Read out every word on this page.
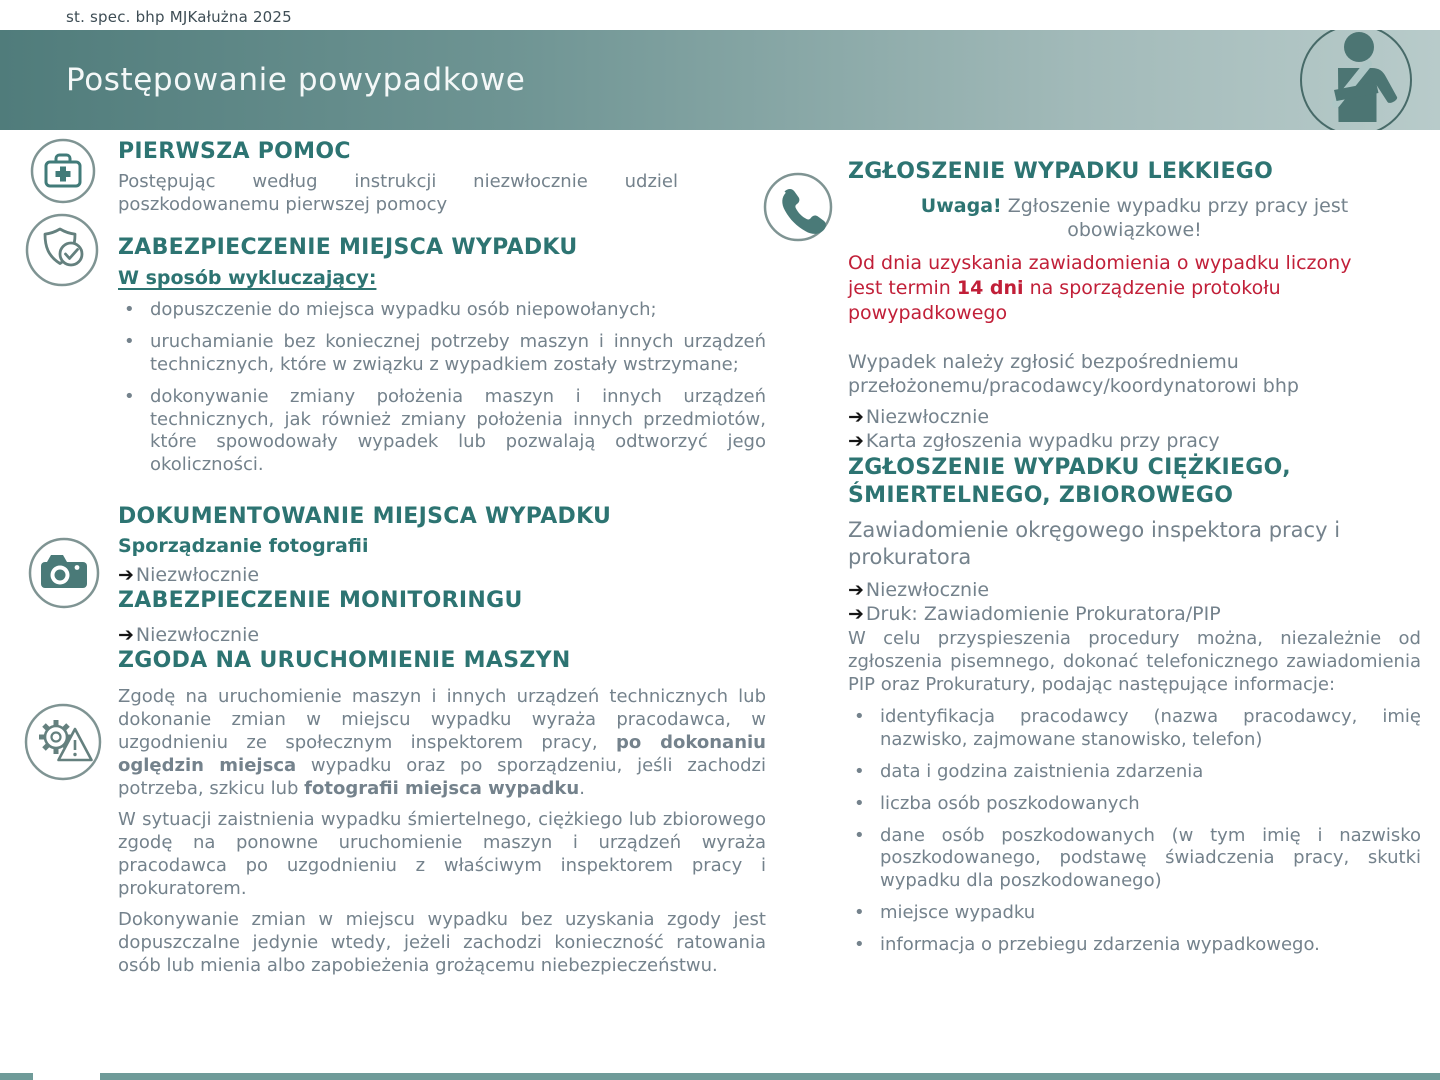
st. spec. bhp MJKałużna 2025
Postępowanie powypadkowe
PIERWSZA POMOC

Postępując według instrukcji niezwłocznie udziel poszkodowanemu pierwszej pomocy

ZABEZPIECZENIE MIEJSCA WYPADKU

W sposób wykluczający:

• dopuszczenie do miejsca wypadku osób niepowołanych;
• uruchamianie bez koniecznej potrzeby maszyn i innych urządzeń technicznych, które w związku z wypadkiem zostały wstrzymane;
• dokonywanie zmiany położenia maszyn i innych urządzeń technicznych, jak również zmiany położenia innych przedmiotów, które spowodowały wypadek lub pozwalają odtworzyć jego okoliczności.
DOKUMENTOWANIE MIEJSCA WYPADKU

Sporządzanie fotografii

➔ Niezwłocznie

ZABEZPIECZENIE MONITORINGU

➔ Niezwłocznie

ZGODA NA URUCHOMIENIE MASZYN

Zgodę na uruchomienie maszyn i innych urządzeń technicznych lub dokonanie zmian w miejscu wypadku wyraża pracodawca, w uzgodnieniu ze społecznym inspektorem pracy, po dokonaniu oględzin miejsca wypadku oraz po sporządzeniu, jeśli zachodzi potrzeba, szkicu lub fotografii miejsca wypadku.

W sytuacji zaistnienia wypadku śmiertelnego, ciężkiego lub zbiorowego zgodę na ponowne uruchomienie maszyn i urządzeń wyraża pracodawca po uzgodnieniu z właściwym inspektorem pracy i prokuratorem.

Dokonywanie zmian w miejscu wypadku bez uzyskania zgody jest dopuszczalne jedynie wtedy, jeżeli zachodzi konieczność ratowania osób lub mienia albo zapobieżenia grożącemu niebezpieczeństwu.

ZGŁOSZENIE WYPADKU LEKKIEGO

Uwaga! Zgłoszenie wypadku przy pracy jest obowiązkowe!

Od dnia uzyskania zawiadomienia o wypadku liczony jest termin 14 dni na sporządzenie protokołu powypadkowego

Wypadek należy zgłosić bezpośredniemu przełożonemu/pracodawcy/koordynatorowi bhp

➔ Niezwłocznie

➔ Karta zgłoszenia wypadku przy pracy

ZGŁOSZENIE WYPADKU CIĘŻKIEGO, ŚMIERTELNEGO, ZBIOROWEGO

Zawiadomienie okręgowego inspektora pracy i prokuratora

➔ Niezwłocznie

➔ Druk: Zawiadomienie Prokuratora/PIP

W celu przyspieszenia procedury można, niezależnie od zgłoszenia pisemnego, dokonać telefonicznego zawiadomienia PIP oraz Prokuratury, podając następujące informacje:

• identyfikacja pracodawcy (nazwa pracodawcy, imię nazwisko, zajmowane stanowisko, telefon)
• data i godzina zaistnienia zdarzenia
• liczba osób poszkodowanych
• dane osób poszkodowanych (w tym imię i nazwisko poszkodowanego, podstawę świadczenia pracy, skutki wypadku dla poszkodowanego)
• miejsce wypadku
• informacja o przebiegu zdarzenia wypadkowego.
